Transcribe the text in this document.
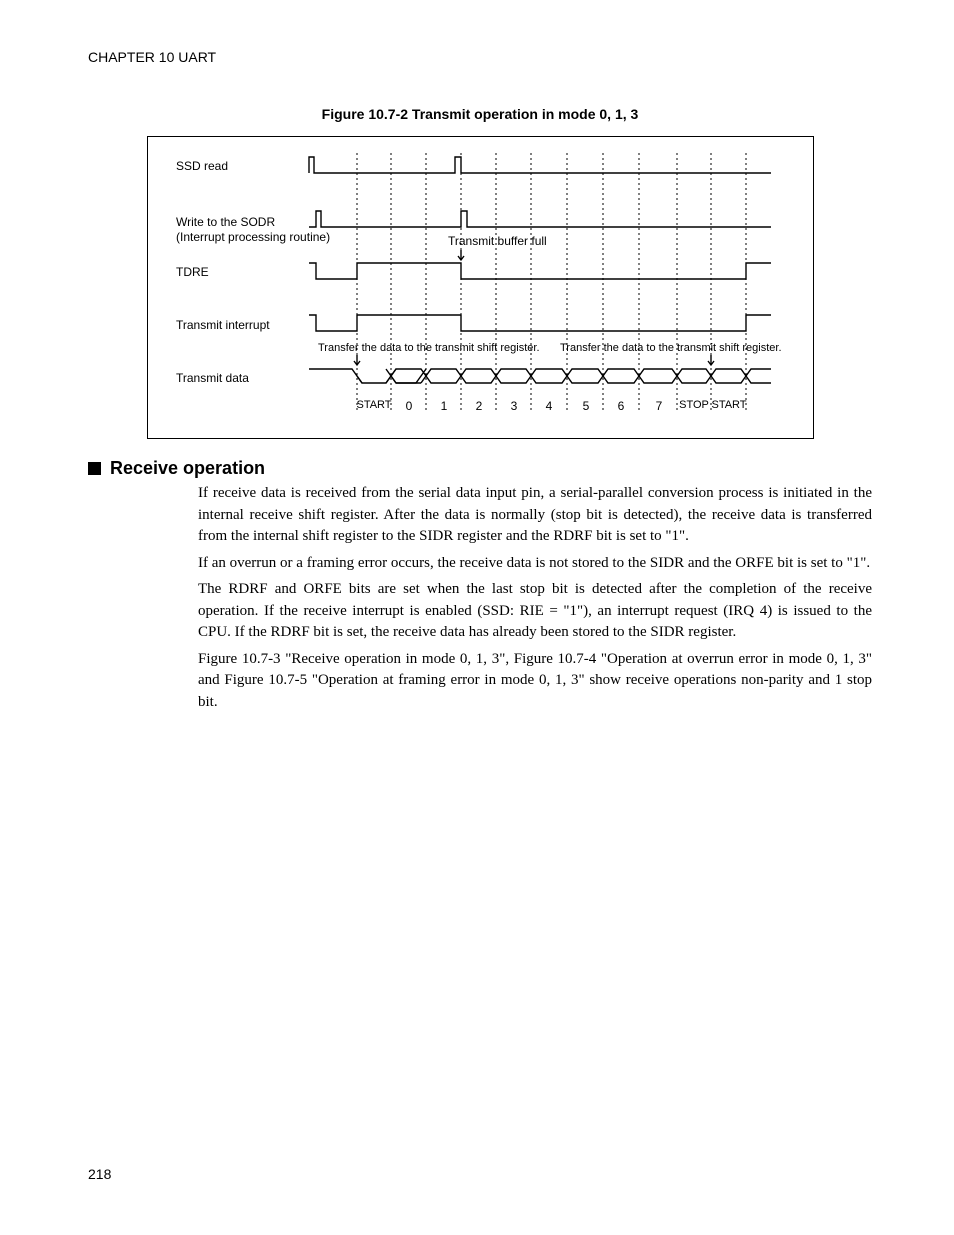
CHAPTER 10 UART
Figure 10.7-2 Transmit operation in mode 0, 1, 3
SSD read
Write to the SODR
(Interrupt processing routine)
TDRE
Transmit interrupt
Transmit data
Transmit buffer full
Transfer the data to the transmit shift register. Transfer the data to the transmit shift register.
START 0 1 2 3 4	5 6	7 STOP START
Receive operation

If receive data is received from the serial data input pin, a serial-parallel conversion process is initiated in the internal receive shift register. After the data is normally (stop bit is detected), the receive data is transferred from the internal shift register to the SIDR register and the RDRF bit is set to "1".

If an overrun or a framing error occurs, the receive data is not stored to the SIDR and the ORFE bit is set to "1".

The RDRF and ORFE bits are set when the last stop bit is detected after the completion of the receive operation. If the receive interrupt is enabled (SSD: RIE = "1"), an interrupt request (IRQ 4) is issued to the CPU. If the RDRF bit is set, the receive data has already been stored to the SIDR register.

Figure 10.7-3 "Receive operation in mode 0, 1, 3", Figure 10.7-4 "Operation at overrun error in mode 0, 1, 3" and Figure 10.7-5 "Operation at framing error in mode 0, 1, 3" show receive operations non-parity and 1 stop bit.

218
